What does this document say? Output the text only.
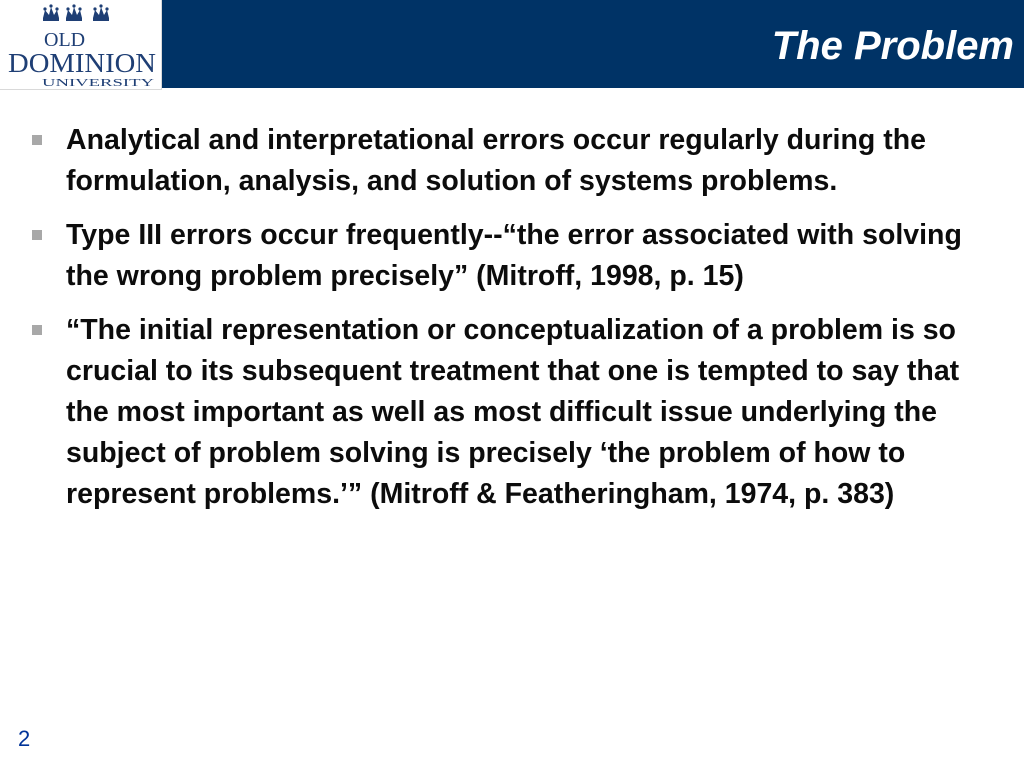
OLD
DOMINION
UNIVERSITY
The Problem
Analytical and interpretational errors occur regularly during the formulation, analysis, and solution of systems problems.
Type III errors occur frequently--“the error associated with solving the wrong problem precisely” (Mitroff, 1998, p. 15)
“The initial representation or conceptualization of a problem is so crucial to its subsequent treatment that one is tempted to say that the most important as well as most difficult issue underlying the subject of problem solving is precisely ‘the problem of how to represent problems.’” (Mitroff & Featheringham, 1974, p. 383)
2
